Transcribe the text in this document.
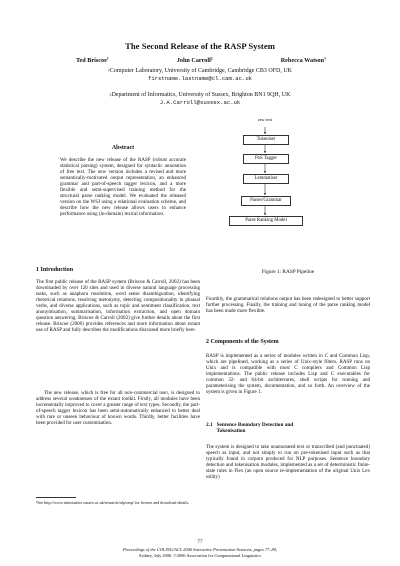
The Second Release of the RASP System
Ted Briscoe†	John Carroll‡	Rebecca Watson†
†Computer Laboratory, University of Cambridge, Cambridge CB3 OFD, UK
firstname.lastname@cl.cam.ac.uk
‡Department of Informatics, University of Sussex, Brighton BN1 9QH, UK
J.A.Carroll@sussex.ac.uk
Abstract
We describe the new release of the RASP (robust accurate statistical parsing) system, designed for syntactic annotation of free text. The new version includes a revised and more semantically-motivated output representation, an enhanced grammar and part-of-speech tagger lexicon, and a more flexible and semi-supervised training method for the structural parse ranking model. We evaluated the released version on the WSJ using a relational evaluation scheme, and describe how the new release allows users to enhance performance using (in-domain) lexical information.
1 Introduction
The first public release of the RASP system (Briscoe & Carroll, 2002) has been downloaded by over 120 sites and used in diverse natural language processing tasks, such as anaphora resolution, word sense disambiguation, identifying rhetorical relations, resolving metonymy, detecting compositionality in phrasal verbs, and diverse applications, such as topic and sentiment classification, text anonymisation, summarisation, information extraction, and open domain question answering. Briscoe & Carroll (2002) give further details about the first release. Briscoe (2006) provides references and more information about extant use of RASP and fully describes the modifications discussed more briefly here.
The new release, which is free for all non-commercial use$^1$, is designed to address several weaknesses of the extant toolkit. Firstly, all modules have been incrementally improved to cover a greater range of text types. Secondly, the part-of-speech tagger lexicon has been semi-automatically enhanced to better deal with rare or unseen behaviour of known words. Thirdly, better facilities have been provided for user customisation.
¹See http://www.informatics.sussex.ac.uk/research/nlp/rasp/ for licence and download details.
raw text
Tokeniser
PoS Tagger
Lemmatiser
Parser/Grammar
Parse Ranking Model
Figure 1: RASP Pipeline
Fourthly, the grammatical relations output has been redesigned to better support further processing. Finally, the training and tuning of the parse ranking model has been made more flexible.
2 Components of the System
RASP is implemented as a series of modules written in C and Common Lisp, which are pipelined, working as a series of Unix-style filters. RASP runs on Unix and is compatible with most C compilers and Common Lisp implementations. The public release includes Lisp and C executables for common 32- and 64-bit architectures, shell scripts for running and parameterising the system, documentation, and so forth. An overview of the system is given in Figure 1.
2.1   Sentence Boundary Detection and
Tokenisation
The system is designed to take unannotated text or transcribed (and punctuated) speech as input, and not simply to run on pre-tokenised input such as that typically found in corpora produced for NLP purposes. Sentence boundary detection and tokenisation modules, implemented as a set of deterministic finite-state rules in Flex (an open source re-implementation of the original Unix Lex utility)
77
Proceedings of the COLING/ACL 2006 Interactive Presentation Sessions, pages 77–80,
Sydney, July 2006. ©2006 Association for Computational Linguistics
